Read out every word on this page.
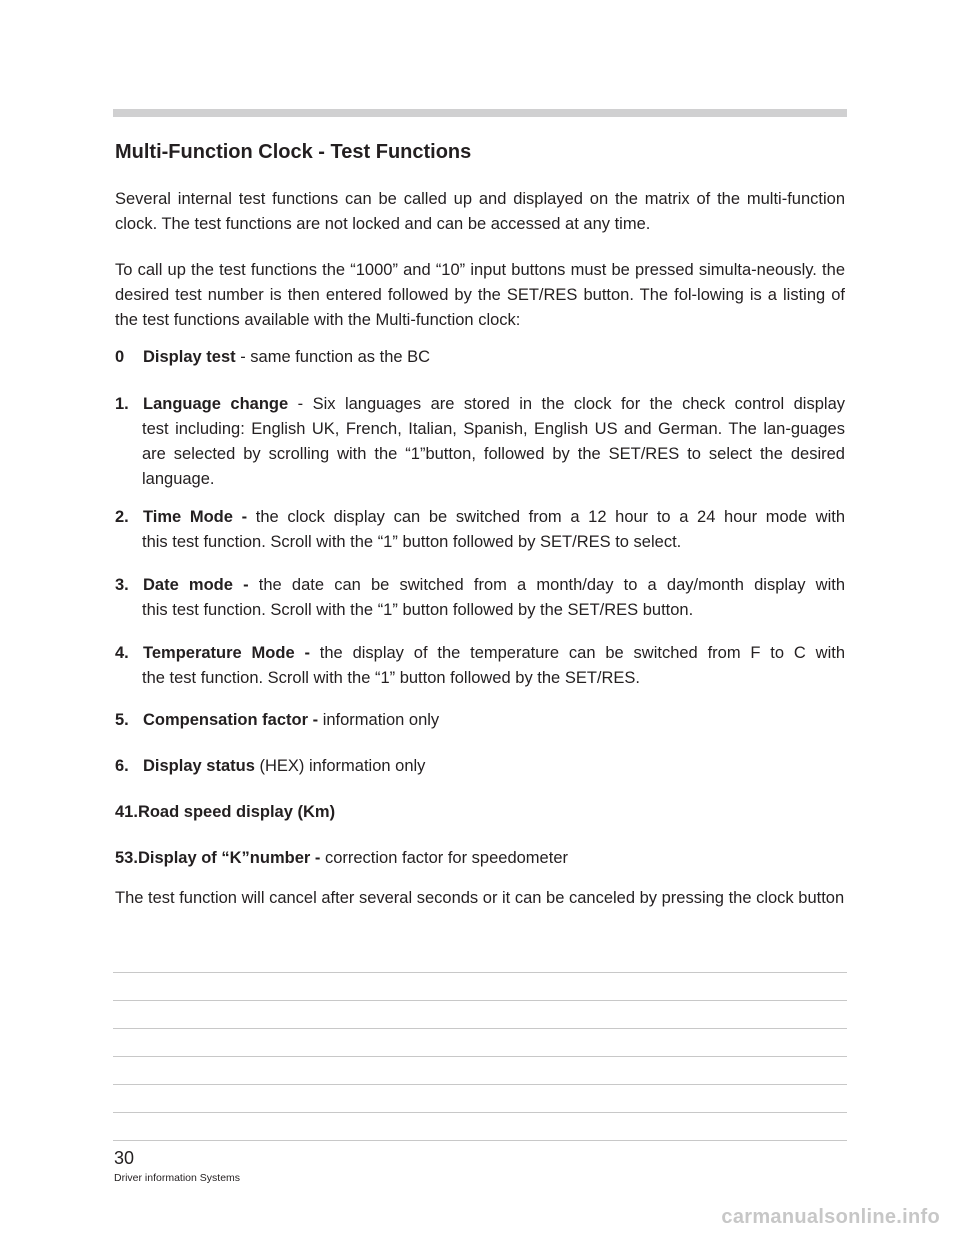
Multi-Function Clock - Test Functions

Several internal test functions can be called up and displayed on the matrix of the multi-function clock. The test functions are not locked and can be accessed at any time.

To call up the test functions the “1000” and “10” input buttons must be pressed simulta-neously. the desired test number is then entered followed by the SET/RES button. The fol-lowing is a listing of the test functions available with the Multi-function clock:

0 Display test - same function as the BC
1. Language change - Six languages are stored in the clock for the check control display
test including: English UK, French, Italian, Spanish, English US and German. The lan-guages are selected by scrolling with the “1”button, followed by the SET/RES to select the desired language.
2. Time Mode - the clock display can be switched from a 12 hour to a 24 hour mode with
this test function. Scroll with the “1” button followed by SET/RES to select.
3. Date mode - the date can be switched from a month/day to a day/month display with
this test function. Scroll with the “1” button followed by the SET/RES button.
4. Temperature Mode - the display of the temperature can be switched from F to C with
the test function. Scroll with the “1” button followed by the SET/RES.
5. Compensation factor - information only
6. Display status (HEX) information only
41.Road speed display (Km)
53.Display of “K”number - correction factor for speedometer

The test function will cancel after several seconds or it can be canceled by pressing the clock button

30

Driver information Systems

carmanualsonline.info
